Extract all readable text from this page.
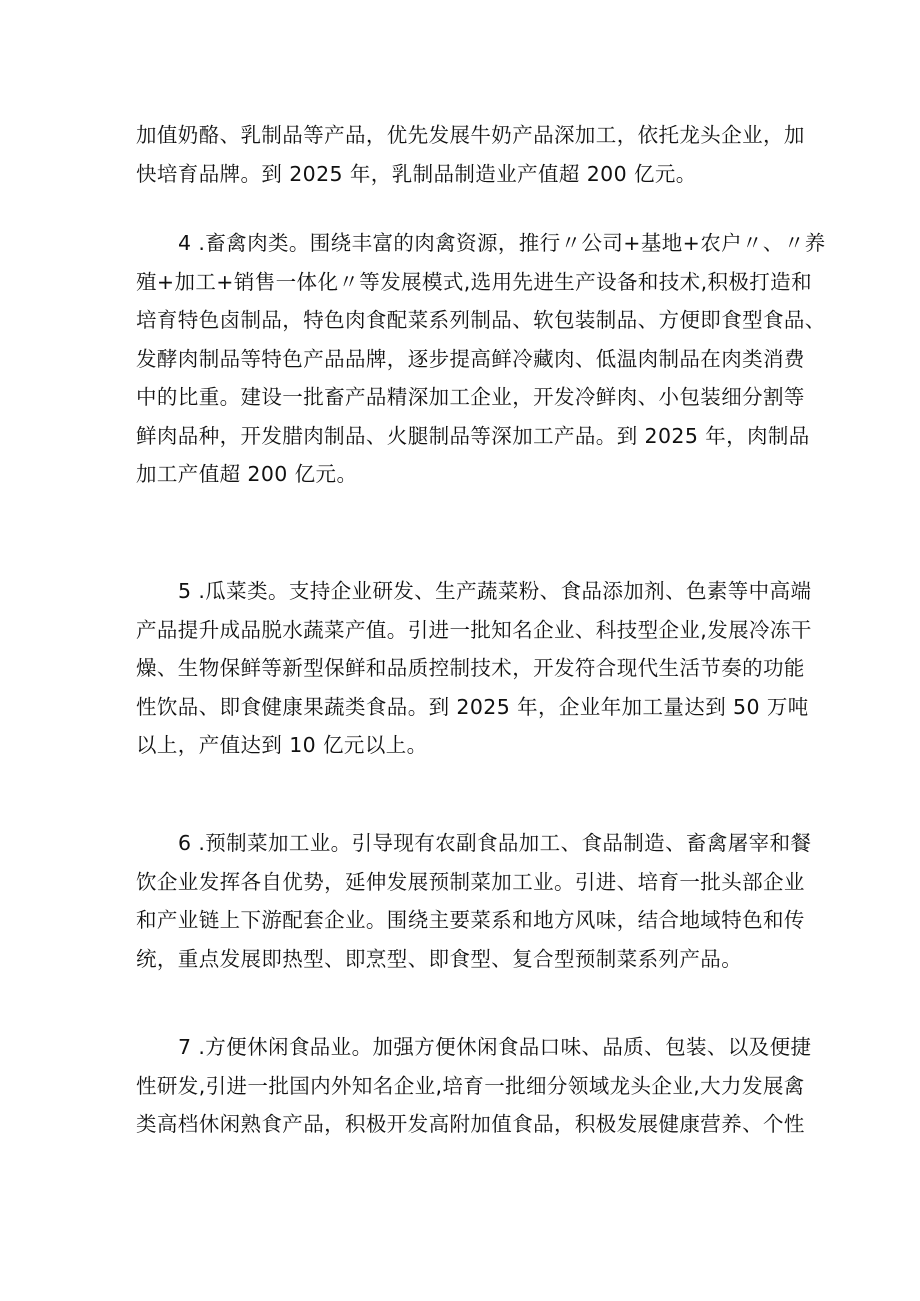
加值奶酪、乳制品等产品，优先发展牛奶产品深加工，依托龙头企业，加
快培育品牌。到 2025 年，乳制品制造业产值超 200 亿元。
4 .畜禽肉类。围绕丰富的肉禽资源，推行〃公司+基地+农户〃、〃养
殖+加工+销售一体化〃等发展模式,选用先进生产设备和技术,积极打造和
培育特色卤制品，特色肉食配菜系列制品、软包装制品、方便即食型食品、
发酵肉制品等特色产品品牌，逐步提高鲜冷藏肉、低温肉制品在肉类消费
中的比重。建设一批畜产品精深加工企业，开发冷鲜肉、小包装细分割等
鲜肉品种，开发腊肉制品、火腿制品等深加工产品。到 2025 年，肉制品
加工产值超 200 亿元。
5 .瓜菜类。支持企业研发、生产蔬菜粉、食品添加剂、色素等中高端
产品提升成品脱水蔬菜产值。引进一批知名企业、科技型企业,发展冷冻干
燥、生物保鲜等新型保鲜和品质控制技术，开发符合现代生活节奏的功能
性饮品、即食健康果蔬类食品。到 2025 年，企业年加工量达到 50 万吨
以上，产值达到 10 亿元以上。
6 .预制菜加工业。引导现有农副食品加工、食品制造、畜禽屠宰和餐
饮企业发挥各自优势，延伸发展预制菜加工业。引进、培育一批头部企业
和产业链上下游配套企业。围绕主要菜系和地方风味，结合地域特色和传
统，重点发展即热型、即烹型、即食型、复合型预制菜系列产品。
7 .方便休闲食品业。加强方便休闲食品口味、品质、包装、以及便捷
性研发,引进一批国内外知名企业,培育一批细分领域龙头企业,大力发展禽
类高档休闲熟食产品，积极开发高附加值食品，积极发展健康营养、个性
